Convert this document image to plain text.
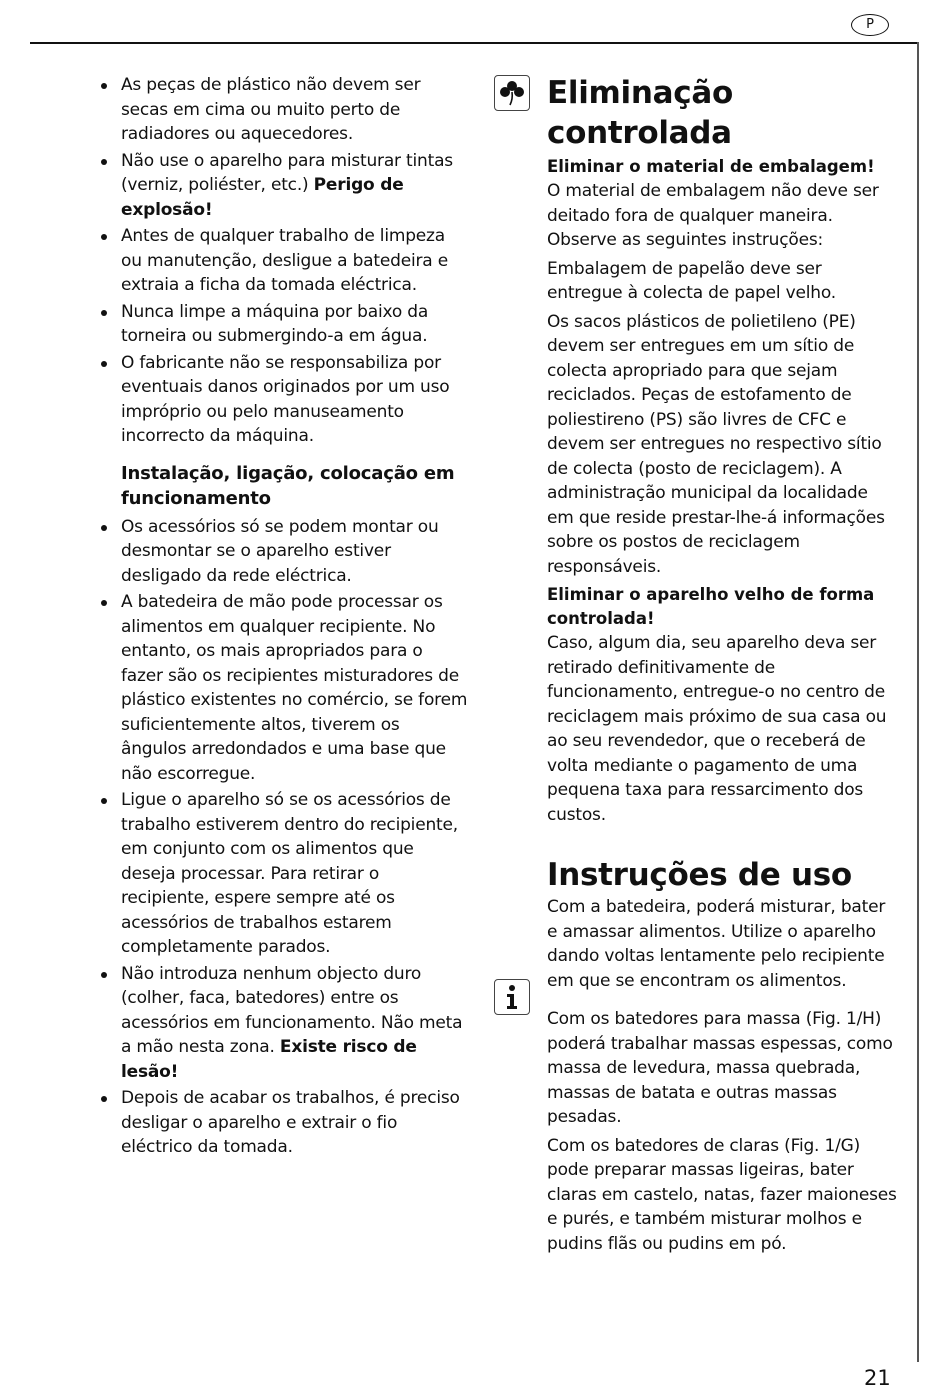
P
As peças de plástico não devem ser secas em cima ou muito perto de radiadores ou aquecedores.
Não use o aparelho para misturar tintas (verniz, poliéster, etc.) Perigo de explosão!
Antes de qualquer trabalho de limpeza ou manutenção, desligue a batedeira e extraia a ficha da tomada eléctrica.
Nunca limpe a máquina por baixo da torneira ou submergindo-a em água.
O fabricante não se responsabiliza por eventuais danos originados por um uso impróprio ou pelo manuseamento incorrecto da máquina.
Instalação, ligação, colocação em funcionamento
Os acessórios só se podem montar ou desmontar se o aparelho estiver desligado da rede eléctrica.
A batedeira de mão pode processar os alimentos em qualquer recipiente. No entanto, os mais apropriados para o fazer são os recipientes misturadores de plástico existentes no comércio, se forem suficientemente altos, tiverem os ângulos arredondados e uma base que não escorregue.
Ligue o aparelho só se os acessórios de trabalho estiverem dentro do recipiente, em conjunto com os alimentos que deseja processar. Para retirar o recipiente, espere sempre até os acessórios de trabalhos estarem completamente parados.
Não introduza nenhum objecto duro (colher, faca, batedores) entre os acessórios em funcionamento. Não meta a mão nesta zona. Existe risco de lesão!
Depois de acabar os trabalhos, é preciso desligar o aparelho e extrair o fio eléctrico da tomada.
Eliminação controlada
Eliminar o material de embalagem!

O material de embalagem não deve ser deitado fora de qualquer maneira. Observe as seguintes instruções:

Embalagem de papelão deve ser entregue à colecta de papel velho.

Os sacos plásticos de polietileno (PE) devem ser entregues em um sítio de colecta apropriado para que sejam reciclados. Peças de estofamento de poliestireno (PS) são livres de CFC e devem ser entregues no respectivo sítio de colecta (posto de reciclagem). A administração municipal da localidade em que reside prestar-lhe-á informações sobre os postos de reciclagem responsáveis.

Eliminar o aparelho velho de forma controlada!

Caso, algum dia, seu aparelho deva ser retirado definitivamente de funcionamento, entregue-o no centro de reciclagem mais próximo de sua casa ou ao seu revendedor, que o receberá de volta mediante o pagamento de uma pequena taxa para ressarcimento dos custos.

Instruções de uso

Com a batedeira, poderá misturar, bater e amassar alimentos. Utilize o aparelho dando voltas lentamente pelo recipiente em que se encontram os alimentos.

Com os batedores para massa (Fig. 1/H) poderá trabalhar massas espessas, como massa de levedura, massa quebrada, massas de batata e outras massas pesadas.

Com os batedores de claras (Fig. 1/G) pode preparar massas ligeiras, bater claras em castelo, natas, fazer maioneses e purés, e também misturar molhos e pudins flãs ou pudins em pó.

21
